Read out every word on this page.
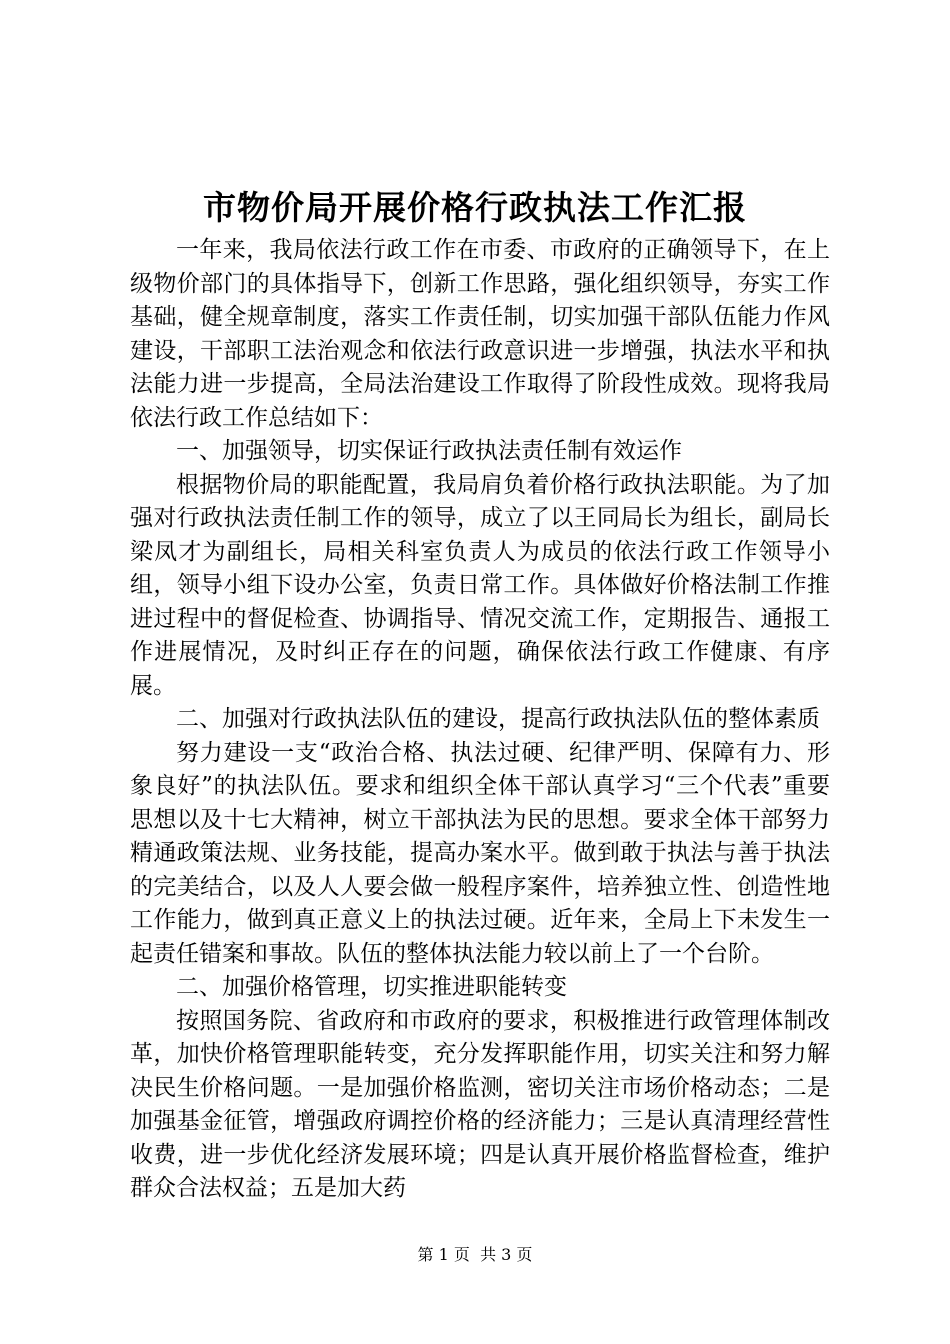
市物价局开展价格行政执法工作汇报

一年来，我局依法行政工作在市委、市政府的正确领导下，在上级物价部门的具体指导下，创新工作思路，强化组织领导，夯实工作基础，健全规章制度，落实工作责任制，切实加强干部队伍能力作风建设，干部职工法治观念和依法行政意识进一步增强，执法水平和执法能力进一步提高，全局法治建设工作取得了阶段性成效。现将我局依法行政工作总结如下：

一、加强领导，切实保证行政执法责任制有效运作

根据物价局的职能配置，我局肩负着价格行政执法职能。为了加强对行政执法责任制工作的领导，成立了以王同局长为组长，副局长梁凤才为副组长，局相关科室负责人为成员的依法行政工作领导小组，领导小组下设办公室，负责日常工作。具体做好价格法制工作推进过程中的督促检查、协调指导、情况交流工作，定期报告、通报工作进展情况，及时纠正存在的问题，确保依法行政工作健康、有序展。

二、加强对行政执法队伍的建设，提高行政执法队伍的整体素质

努力建设一支“政治合格、执法过硬、纪律严明、保障有力、形象良好”的执法队伍。要求和组织全体干部认真学习“三个代表”重要思想以及十七大精神，树立干部执法为民的思想。要求全体干部努力精通政策法规、业务技能，提高办案水平。做到敢于执法与善于执法的完美结合，以及人人要会做一般程序案件，培养独立性、创造性地工作能力，做到真正意义上的执法过硬。近年来，全局上下未发生一起责任错案和事故。队伍的整体执法能力较以前上了一个台阶。

二、加强价格管理，切实推进职能转变

按照国务院、省政府和市政府的要求，积极推进行政管理体制改革，加快价格管理职能转变，充分发挥职能作用，切实关注和努力解决民生价格问题。一是加强价格监测，密切关注市场价格动态；二是加强基金征管，增强政府调控价格的经济能力；三是认真清理经营性收费，进一步优化经济发展环境；四是认真开展价格监督检查，维护群众合法权益；五是加大药

第 1 页  共 3 页
